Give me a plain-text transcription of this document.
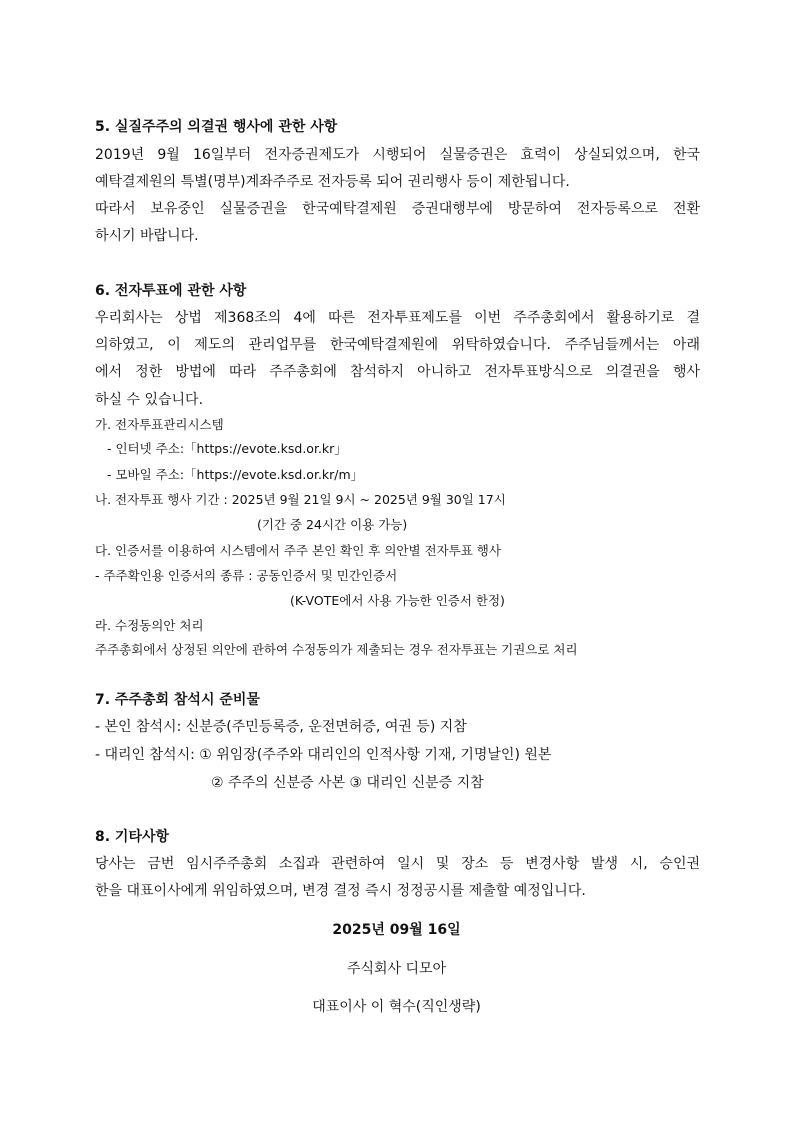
5. 실질주주의 의결권 행사에 관한 사항
2019년 9월 16일부터 전자증권제도가 시행되어 실물증권은 효력이 상실되었으며, 한국
예탁결제원의 특별(명부)계좌주주로 전자등록 되어 권리행사 등이 제한됩니다.
따라서 보유중인 실물증권을 한국예탁결제원 증권대행부에 방문하여 전자등록으로 전환
하시기 바랍니다.
6. 전자투표에 관한 사항
우리회사는 상법 제368조의 4에 따른 전자투표제도를 이번 주주총회에서 활용하기로 결
의하였고, 이 제도의 관리업무를 한국예탁결제원에 위탁하였습니다. 주주님들께서는 아래
에서 정한 방법에 따라 주주총회에 참석하지 아니하고 전자투표방식으로 의결권을 행사
하실 수 있습니다.
가. 전자투표관리시스템
- 인터넷 주소:「https://evote.ksd.or.kr」
- 모바일 주소:「https://evote.ksd.or.kr/m」
나. 전자투표 행사 기간 : 2025년 9월 21일 9시 ~ 2025년 9월 30일 17시
(기간 중 24시간 이용 가능)
다. 인증서를 이용하여 시스템에서 주주 본인 확인 후 의안별 전자투표 행사
- 주주확인용 인증서의 종류 : 공동인증서 및 민간인증서
(K-VOTE에서 사용 가능한 인증서 한정)
라. 수정동의안 처리
주주총회에서 상정된 의안에 관하여 수정동의가 제출되는 경우 전자투표는 기권으로 처리
7. 주주총회 참석시 준비물
- 본인 참석시: 신분증(주민등록증, 운전면허증, 여권 등) 지참
- 대리인 참석시: ① 위임장(주주와 대리인의 인적사항 기재, 기명날인) 원본
② 주주의 신분증 사본 ③ 대리인 신분증 지참
8. 기타사항
당사는 금번 임시주주총회 소집과 관련하여 일시 및 장소 등 변경사항 발생 시, 승인권
한을 대표이사에게 위임하였으며, 변경 결정 즉시 정정공시를 제출할 예정입니다.
2025년 09월 16일
주식회사 디모아
대표이사 이 혁수(직인생략)
